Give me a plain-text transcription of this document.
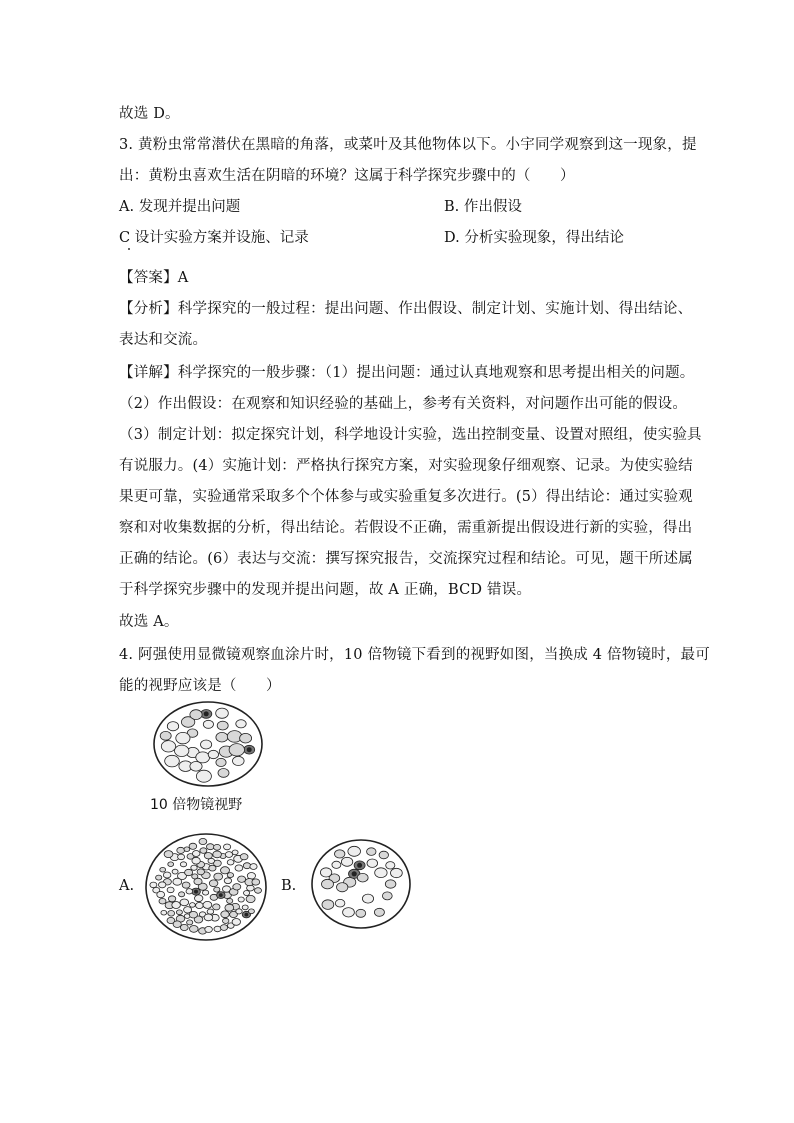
故选 D。
3. 黄粉虫常常潜伏在黑暗的角落，或菜叶及其他物体以下。小宇同学观察到这一现象，提
出：黄粉虫喜欢生活在阴暗的环境？这属于科学探究步骤中的（　　）
A. 发现并提出问题	B. 作出假设
C 设计实验方案并设施、记录	D. 分析实验现象，得出结论
【答案】A
【分析】科学探究的一般过程：提出问题、作出假设、制定计划、实施计划、得出结论、
表达和交流。
【详解】科学探究的一般步骤：（1）提出问题：通过认真地观察和思考提出相关的问题。
（2）作出假设：在观察和知识经验的基础上，参考有关资料，对问题作出可能的假设。
（3）制定计划：拟定探究计划，科学地设计实验，选出控制变量、设置对照组，使实验具
有说服力。(4）实施计划：严格执行探究方案，对实验现象仔细观察、记录。为使实验结
果更可靠，实验通常采取多个个体参与或实验重复多次进行。(5）得出结论：通过实验观
察和对收集数据的分析，得出结论。若假设不正确，需重新提出假设进行新的实验，得出
正确的结论。(6）表达与交流：撰写探究报告，交流探究过程和结论。可见，题干所述属
于科学探究步骤中的发现并提出问题，故 A 正确，BCD 错误。
故选 A。
4. 阿强使用显微镜观察血涂片时，10 倍物镜下看到的视野如图，当换成 4 倍物镜时，最可
能的视野应该是（　　）
10 倍物镜视野
A.	B.
